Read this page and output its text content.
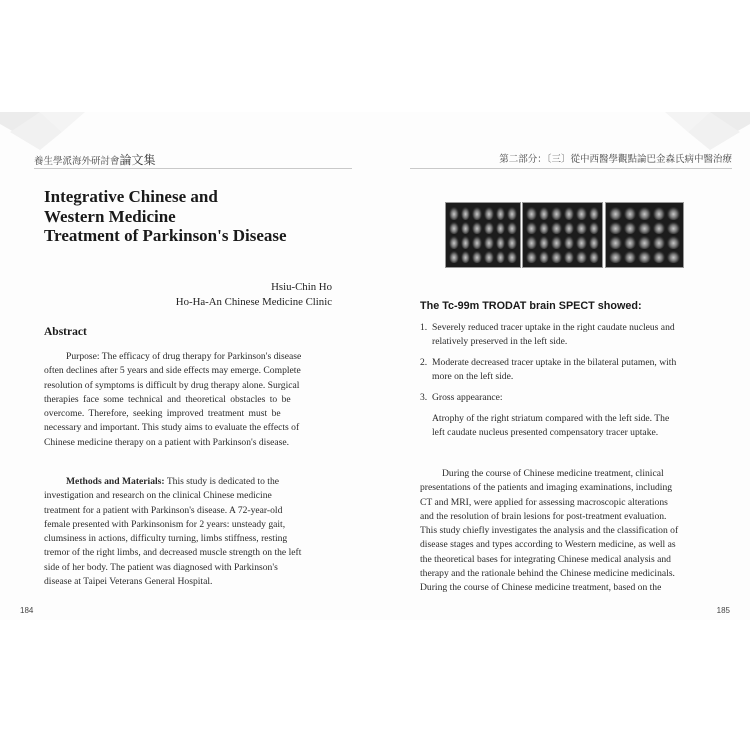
養生學派海外研討會論文集	第二部分：〔三〕從中西醫學觀點論巴金森氏病中醫治療
Integrative Chinese and
Western Medicine
Treatment of Parkinson's Disease
Hsiu-Chin Ho
Ho-Ha-An Chinese Medicine Clinic
Abstract
Purpose: The efficacy of drug therapy for Parkinson's disease
often declines after 5 years and side effects may emerge. Complete
resolution of symptoms is difficult by drug therapy alone. Surgical
therapies face some technical and theoretical obstacles to be
overcome. Therefore, seeking improved treatment must be
necessary and important. This study aims to evaluate the effects of
Chinese medicine therapy on a patient with Parkinson's disease.
Methods and Materials: This study is dedicated to the
investigation and research on the clinical Chinese medicine
treatment for a patient with Parkinson's disease. A 72-year-old
female presented with Parkinsonism for 2 years: unsteady gait,
clumsiness in actions, difficulty turning, limbs stiffness, resting
tremor of the right limbs, and decreased muscle strength on the left
side of her body. The patient was diagnosed with Parkinson's
disease at Taipei Veterans General Hospital.
184
The Tc-99m TRODAT brain SPECT showed:
1. Severely reduced tracer uptake in the right caudate nucleus and
relatively preserved in the left side.
2. Moderate decreased tracer uptake in the bilateral putamen, with
more on the left side.
3. Gross appearance:
Atrophy of the right striatum compared with the left side. The
left caudate nucleus presented compensatory tracer uptake.
During the course of Chinese medicine treatment, clinical
presentations of the patients and imaging examinations, including
CT and MRI, were applied for assessing macroscopic alterations
and the resolution of brain lesions for post-treatment evaluation.
This study chiefly investigates the analysis and the classification of
disease stages and types according to Western medicine, as well as
the theoretical bases for integrating Chinese medical analysis and
therapy and the rationale behind the Chinese medicine medicinals.
During the course of Chinese medicine treatment, based on the
185
